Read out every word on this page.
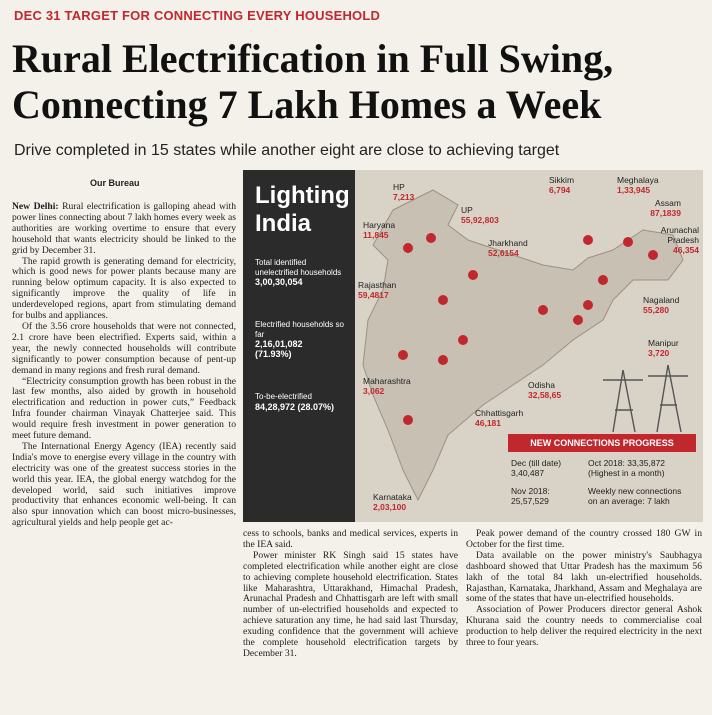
DEC 31 TARGET FOR CONNECTING EVERY HOUSEHOLD
Rural Electrification in Full Swing,
Connecting 7 Lakh Homes a Week
Drive completed in 15 states while another eight are close to achieving target
Our Bureau

New Delhi: Rural electrification is galloping ahead with power lines connecting about 7 lakh homes every week as authorities are working overtime to ensure that every household that wants electricity should be linked to the grid by December 31.

The rapid growth is generating demand for electricity, which is good news for power plants because many are running below optimum capacity. It is also expected to significantly improve the quality of life in underdeveloped regions, apart from stimulating demand for bulbs and appliances.

Of the 3.56 crore households that were not connected, 2.1 crore have been electrified. Experts said, within a year, the newly connected households will contribute significantly to power consumption because of pent-up demand in many regions and fresh rural demand.

“Electricity consumption growth has been robust in the last few months, also aided by growth in household electrification and reduction in power cuts,” Feedback Infra founder chairman Vinayak Chatterjee said. This would require fresh investment in power generation to meet future demand.

The International Energy Agency (IEA) recently said India's move to energise every village in the country with electricity was one of the greatest success stories in the world this year. IEA, the global energy watchdog for the developed world, said such initiatives improve productivity that enhances economic well-being. It can also spur innovation which can boost micro-businesses, agricultural yields and help people get ac-

Lighting
India
Total identified unelectrified households
3,00,30,054
Electrified households so far
2,16,01,082
(71.93%)
To-be-electrified
84,28,972 (28.07%)
HP
7,213
Haryana
11,845
UP
55,92,803
Rajasthan
59,4817
Sikkim
6,794
Meghalaya
1,33,945
Assam
87,1839
Arunachal Pradesh
46,354
Jharkhand
52,6154
Nagaland
55,280
Manipur
3,720
Maharashtra
3,062
Odisha
32,58,65
Chhattisgarh
46,181
Karnataka
2,03,100
NEW CONNECTIONS PROGRESS
Dec (till date)
3,40,487
Oct 2018: 33,35,872
(Highest in a month)
Nov 2018:
25,57,529
Weekly new connections on an average: 7 lakh

cess to schools, banks and medical services, experts in the IEA said.

Power minister RK Singh said 15 states have completed electrification while another eight are close to achieving complete household electrification. States like Maharashtra, Uttarakhand, Himachal Pradesh, Arunachal Pradesh and Chhattisgarh are left with small number of un-electrified households and expected to achieve saturation any time, he had said last Thursday, exuding confidence that the government will achieve the complete household electrification targets by December 31.

Peak power demand of the country crossed 180 GW in October for the first time.

Data available on the power ministry's Saubhagya dashboard showed that Uttar Pradesh has the maximum 56 lakh of the total 84 lakh un-electrified households. Rajasthan, Karnataka, Jharkhand, Assam and Meghalaya are some of the states that have un-electrified households.

Association of Power Producers director general Ashok Khurana said the country needs to commercialise coal production to help deliver the required electricity in the next three to four years.
